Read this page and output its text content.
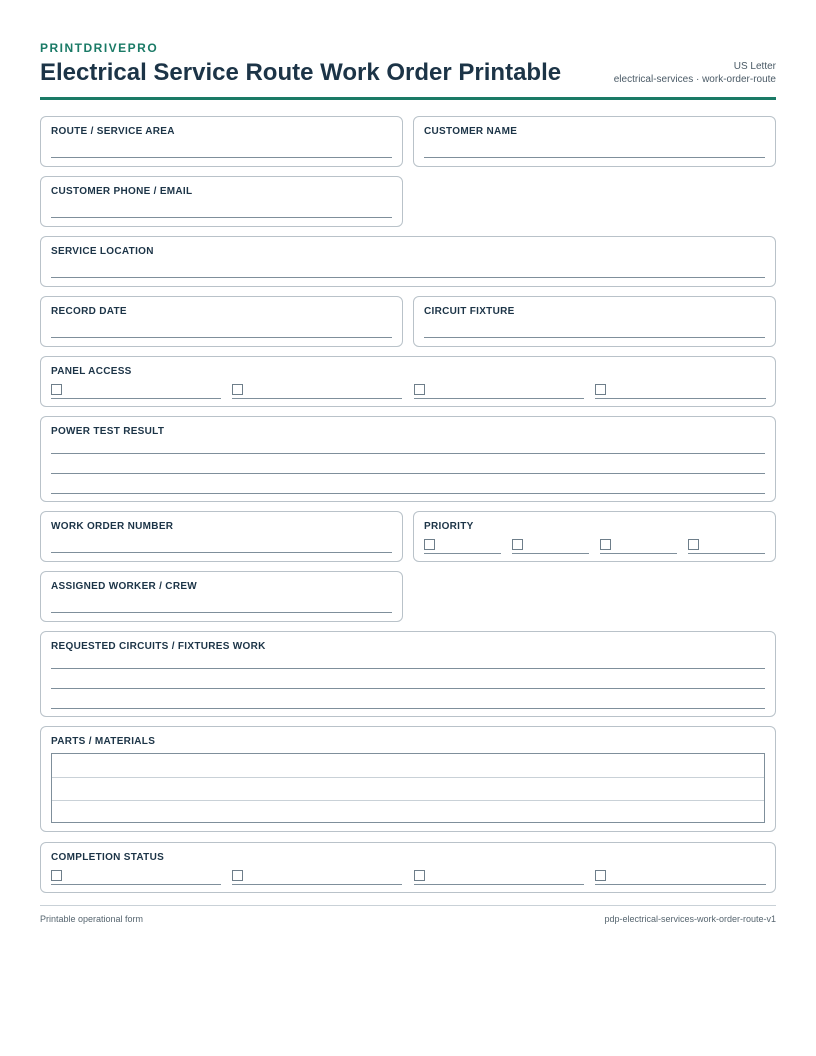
PRINTDRIVEPRO
Electrical Service Route Work Order Printable	US Letter
electrical-services · work-order-route
ROUTE / SERVICE AREA	CUSTOMER NAME
CUSTOMER PHONE / EMAIL
SERVICE LOCATION
RECORD DATE	CIRCUIT FIXTURE
PANEL ACCESS
POWER TEST RESULT
WORK ORDER NUMBER	PRIORITY
ASSIGNED WORKER / CREW
REQUESTED CIRCUITS / FIXTURES WORK
PARTS / MATERIALS
COMPLETION STATUS
Printable operational form	pdp-electrical-services-work-order-route-v1
